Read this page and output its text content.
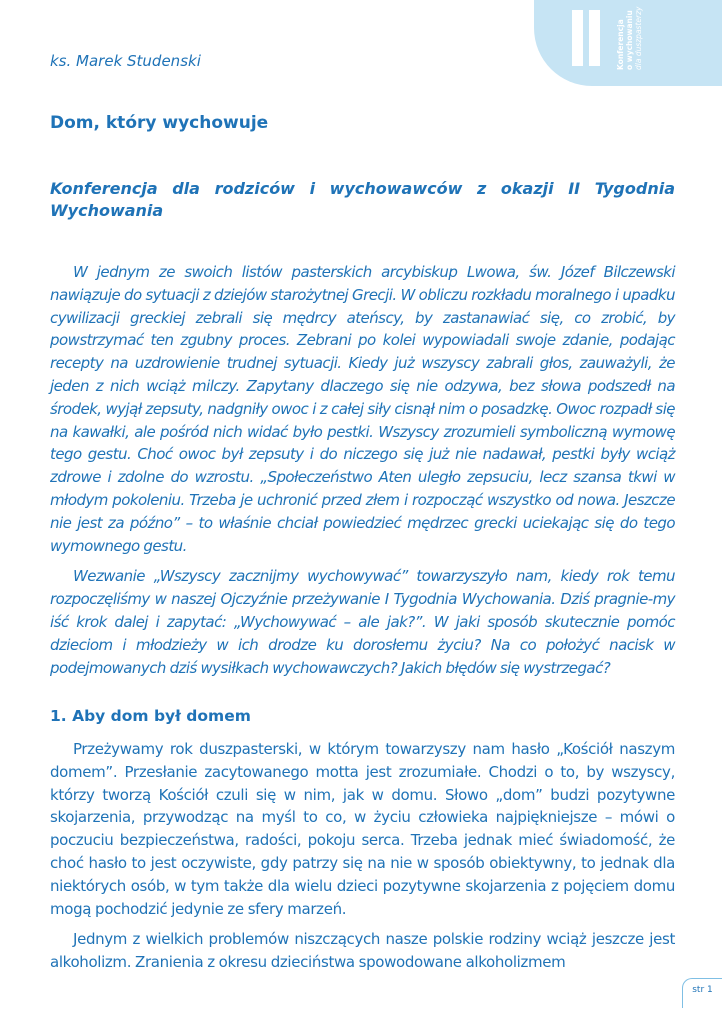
Konferencja o wychowaniu dla duszpasterzy
ks. Marek Studenski
Dom, który wychowuje
Konferencja dla rodziców i wychowawców z okazji II Tygodnia Wychowania

W jednym ze swoich listów pasterskich arcybiskup Lwowa, św. Józef Bilczewski nawiązuje do sytuacji z dziejów starożytnej Grecji. W obliczu rozkładu moralnego i upadku cywilizacji greckiej zebrali się mędrcy ateńscy, by zastanawiać się, co zrobić, by powstrzymać ten zgubny proces. Zebrani po kolei wypowiadali swoje zdanie, podając recepty na uzdrowienie trudnej sytuacji. Kiedy już wszyscy zabrali głos, zauważyli, że jeden z nich wciąż milczy. Zapytany dlaczego się nie odzywa, bez słowa podszedł na środek, wyjął zepsuty, nadgniły owoc i z całej siły cisnął nim o posadzkę. Owoc rozpadł się na kawałki, ale pośród nich widać było pestki. Wszyscy zrozumieli symboliczną wymowę tego gestu. Choć owoc był zepsuty i do niczego się już nie nadawał, pestki były wciąż zdrowe i zdolne do wzrostu. „Społeczeństwo Aten uległo zepsuciu, lecz szansa tkwi w młodym pokoleniu. Trzeba je uchronić przed złem i rozpocząć wszystko od nowa. Jeszcze nie jest za późno” – to właśnie chciał powiedzieć mędrzec grecki uciekając się do tego wymownego gestu.

Wezwanie „Wszyscy zacznijmy wychowywać” towarzyszyło nam, kiedy rok temu rozpoczęliśmy w naszej Ojczyźnie przeżywanie I Tygodnia Wychowania. Dziś pragnie-my iść krok dalej i zapytać: „Wychowywać – ale jak?”. W jaki sposób skutecznie pomóc dzieciom i młodzieży w ich drodze ku dorosłemu życiu? Na co położyć nacisk w podejmowanych dziś wysiłkach wychowawczych? Jakich błędów się wystrzegać?

1. Aby dom był domem

Przeżywamy rok duszpasterski, w którym towarzyszy nam hasło „Kościół naszym domem”. Przesłanie zacytowanego motta jest zrozumiałe. Chodzi o to, by wszyscy, którzy tworzą Kościół czuli się w nim, jak w domu. Słowo „dom” budzi pozytywne skojarzenia, przywodząc na myśl to co, w życiu człowieka najpiękniejsze – mówi o poczuciu bezpieczeństwa, radości, pokoju serca. Trzeba jednak mieć świadomość, że choć hasło to jest oczywiste, gdy patrzy się na nie w sposób obiektywny, to jednak dla niektórych osób, w tym także dla wielu dzieci pozytywne skojarzenia z pojęciem domu mogą pochodzić jedynie ze sfery marzeń.

Jednym z wielkich problemów niszczących nasze polskie rodziny wciąż jeszcze jest alkoholizm. Zranienia z okresu dzieciństwa spowodowane alkoholizmem

str 1
